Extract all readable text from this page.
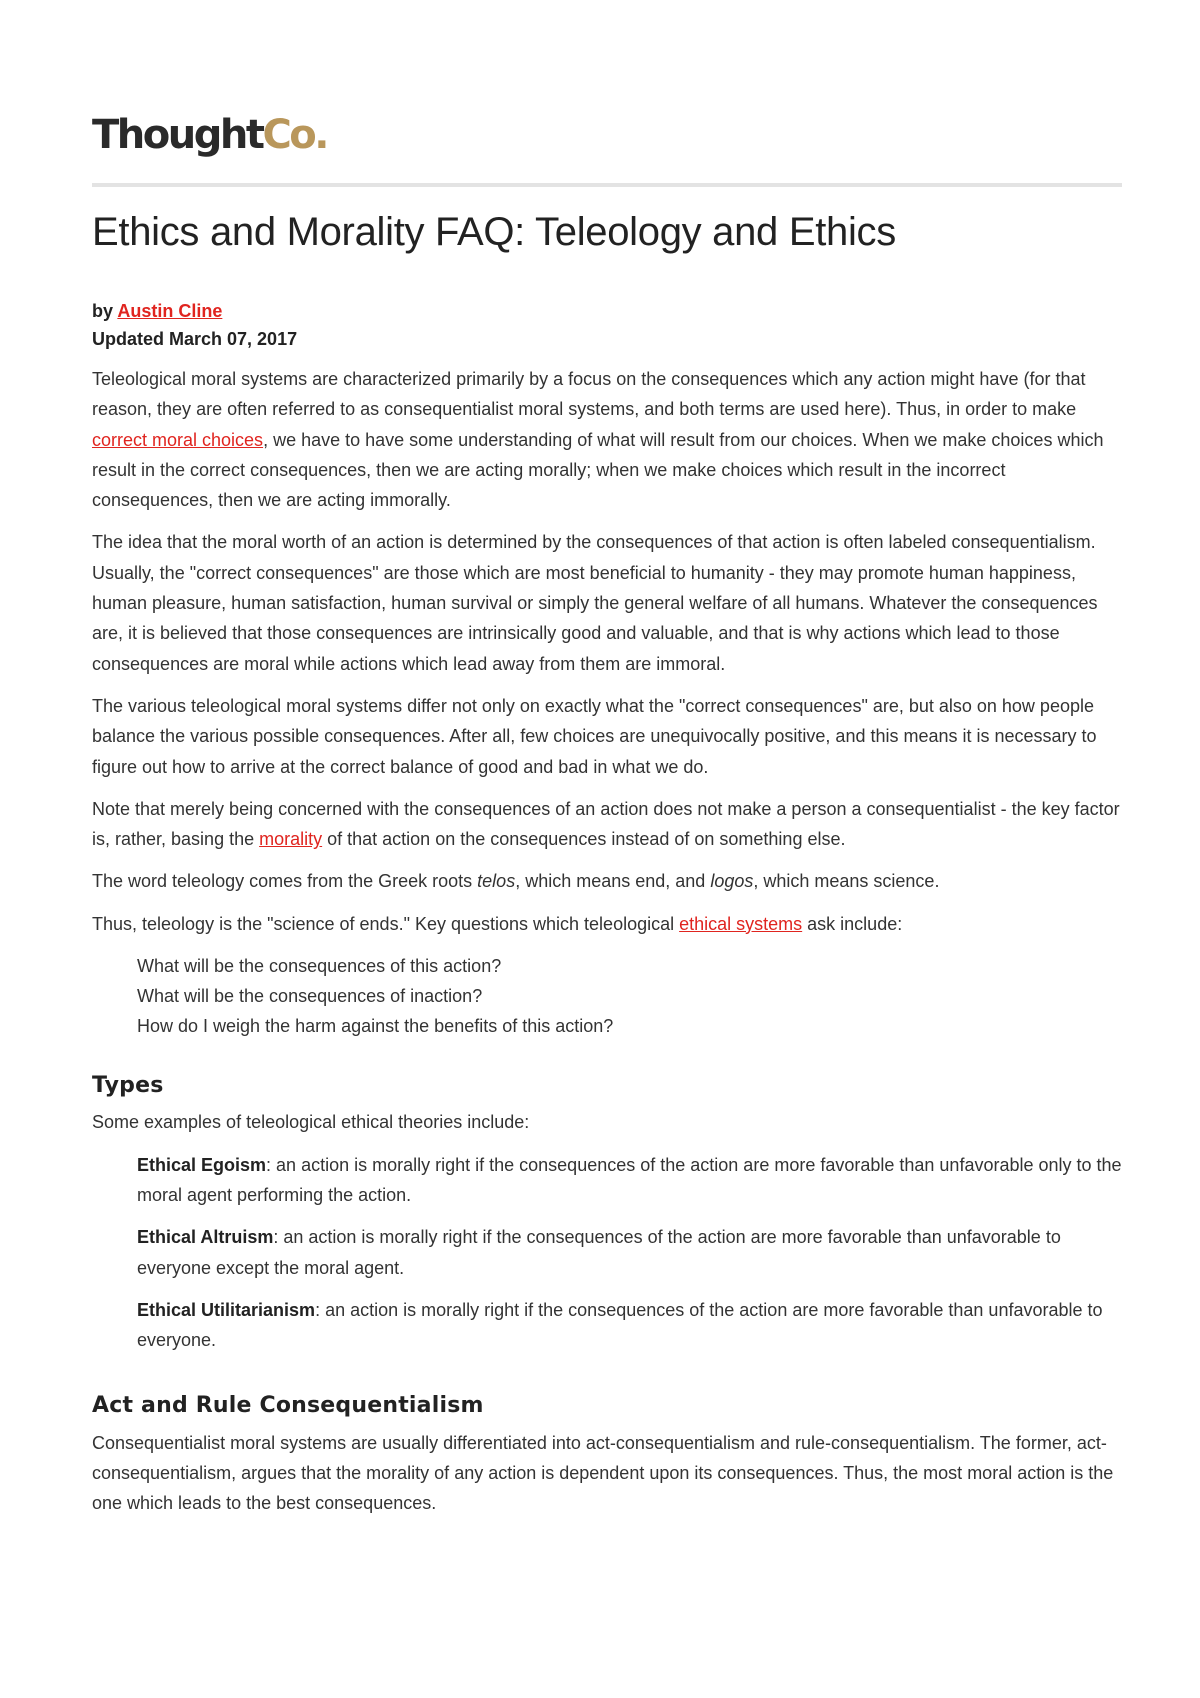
Thought Co .
Ethics and Morality FAQ: Teleology and Ethics
by Austin Cline
Updated March 07, 2017

Teleological moral systems are characterized primarily by a focus on the consequences which any action might have (for that reason, they are often referred to as consequentialist moral systems, and both terms are used here). Thus, in order to make correct moral choices, we have to have some understanding of what will result from our choices. When we make choices which result in the correct consequences, then we are acting morally; when we make choices which result in the incorrect consequences, then we are acting immorally.

The idea that the moral worth of an action is determined by the consequences of that action is often labeled consequentialism. Usually, the "correct consequences" are those which are most beneficial to humanity - they may promote human happiness, human pleasure, human satisfaction, human survival or simply the general welfare of all humans. Whatever the consequences are, it is believed that those consequences are intrinsically good and valuable, and that is why actions which lead to those consequences are moral while actions which lead away from them are immoral.

The various teleological moral systems differ not only on exactly what the "correct consequences" are, but also on how people balance the various possible consequences. After all, few choices are unequivocally positive, and this means it is necessary to figure out how to arrive at the correct balance of good and bad in what we do.

Note that merely being concerned with the consequences of an action does not make a person a consequentialist - the key factor is, rather, basing the morality of that action on the consequences instead of on something else.

The word teleology comes from the Greek roots telos, which means end, and logos, which means science.

Thus, teleology is the "science of ends." Key questions which teleological ethical systems ask include:

What will be the consequences of this action?
What will be the consequences of inaction?
How do I weigh the harm against the benefits of this action?
Types

Some examples of teleological ethical theories include:

Ethical Egoism: an action is morally right if the consequences of the action are more favorable than unfavorable only to the moral agent performing the action.

Ethical Altruism: an action is morally right if the consequences of the action are more favorable than unfavorable to everyone except the moral agent.

Ethical Utilitarianism: an action is morally right if the consequences of the action are more favorable than unfavorable to everyone.

Act and Rule Consequentialism

Consequentialist moral systems are usually differentiated into act-consequentialism and rule-consequentialism. The former, act-consequentialism, argues that the morality of any action is dependent upon its consequences. Thus, the most moral action is the one which leads to the best consequences.
